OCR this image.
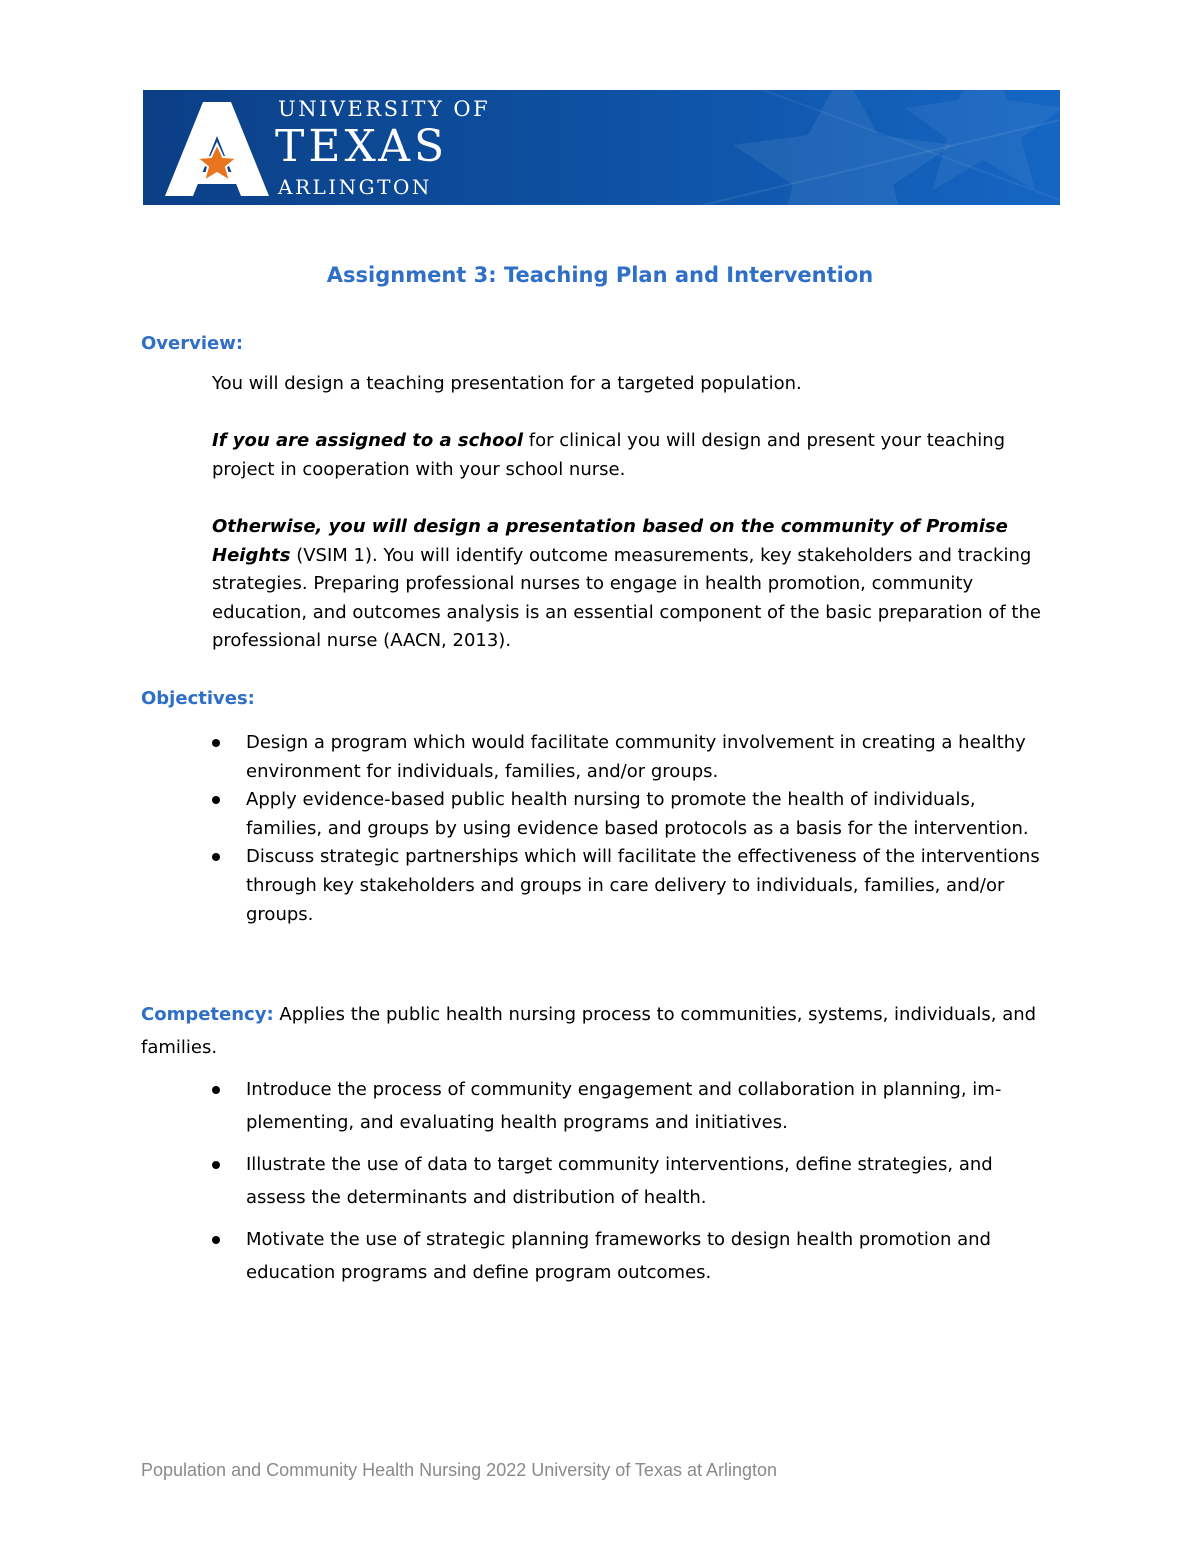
UNIVERSITY OF
TEXAS
ARLINGTON
Assignment 3: Teaching Plan and Intervention
Overview:
You will design a teaching presentation for a targeted population.
If you are assigned to a school for clinical you will design and present your teaching project in cooperation with your school nurse.
Otherwise, you will design a presentation based on the community of Promise Heights (VSIM 1). You will identify outcome measurements, key stakeholders and tracking strategies. Preparing professional nurses to engage in health promotion, community education, and outcomes analysis is an essential component of the basic preparation of the professional nurse (AACN, 2013).
Objectives:
Design a program which would facilitate community involvement in creating a healthy environment for individuals, families, and/or groups.
Apply evidence-based public health nursing to promote the health of individuals, families, and groups by using evidence based protocols as a basis for the intervention.
Discuss strategic partnerships which will facilitate the effectiveness of the interventions through key stakeholders and groups in care delivery to individuals, families, and/or groups.
Competency: Applies the public health nursing process to communities, systems, individuals, and families.
Introduce the process of community engagement and collaboration in planning, im-plementing, and evaluating health programs and initiatives.
Illustrate the use of data to target community interventions, define strategies, and assess the determinants and distribution of health.
Motivate the use of strategic planning frameworks to design health promotion and education programs and define program outcomes.
Population and Community Health Nursing 2022 University of Texas at Arlington
